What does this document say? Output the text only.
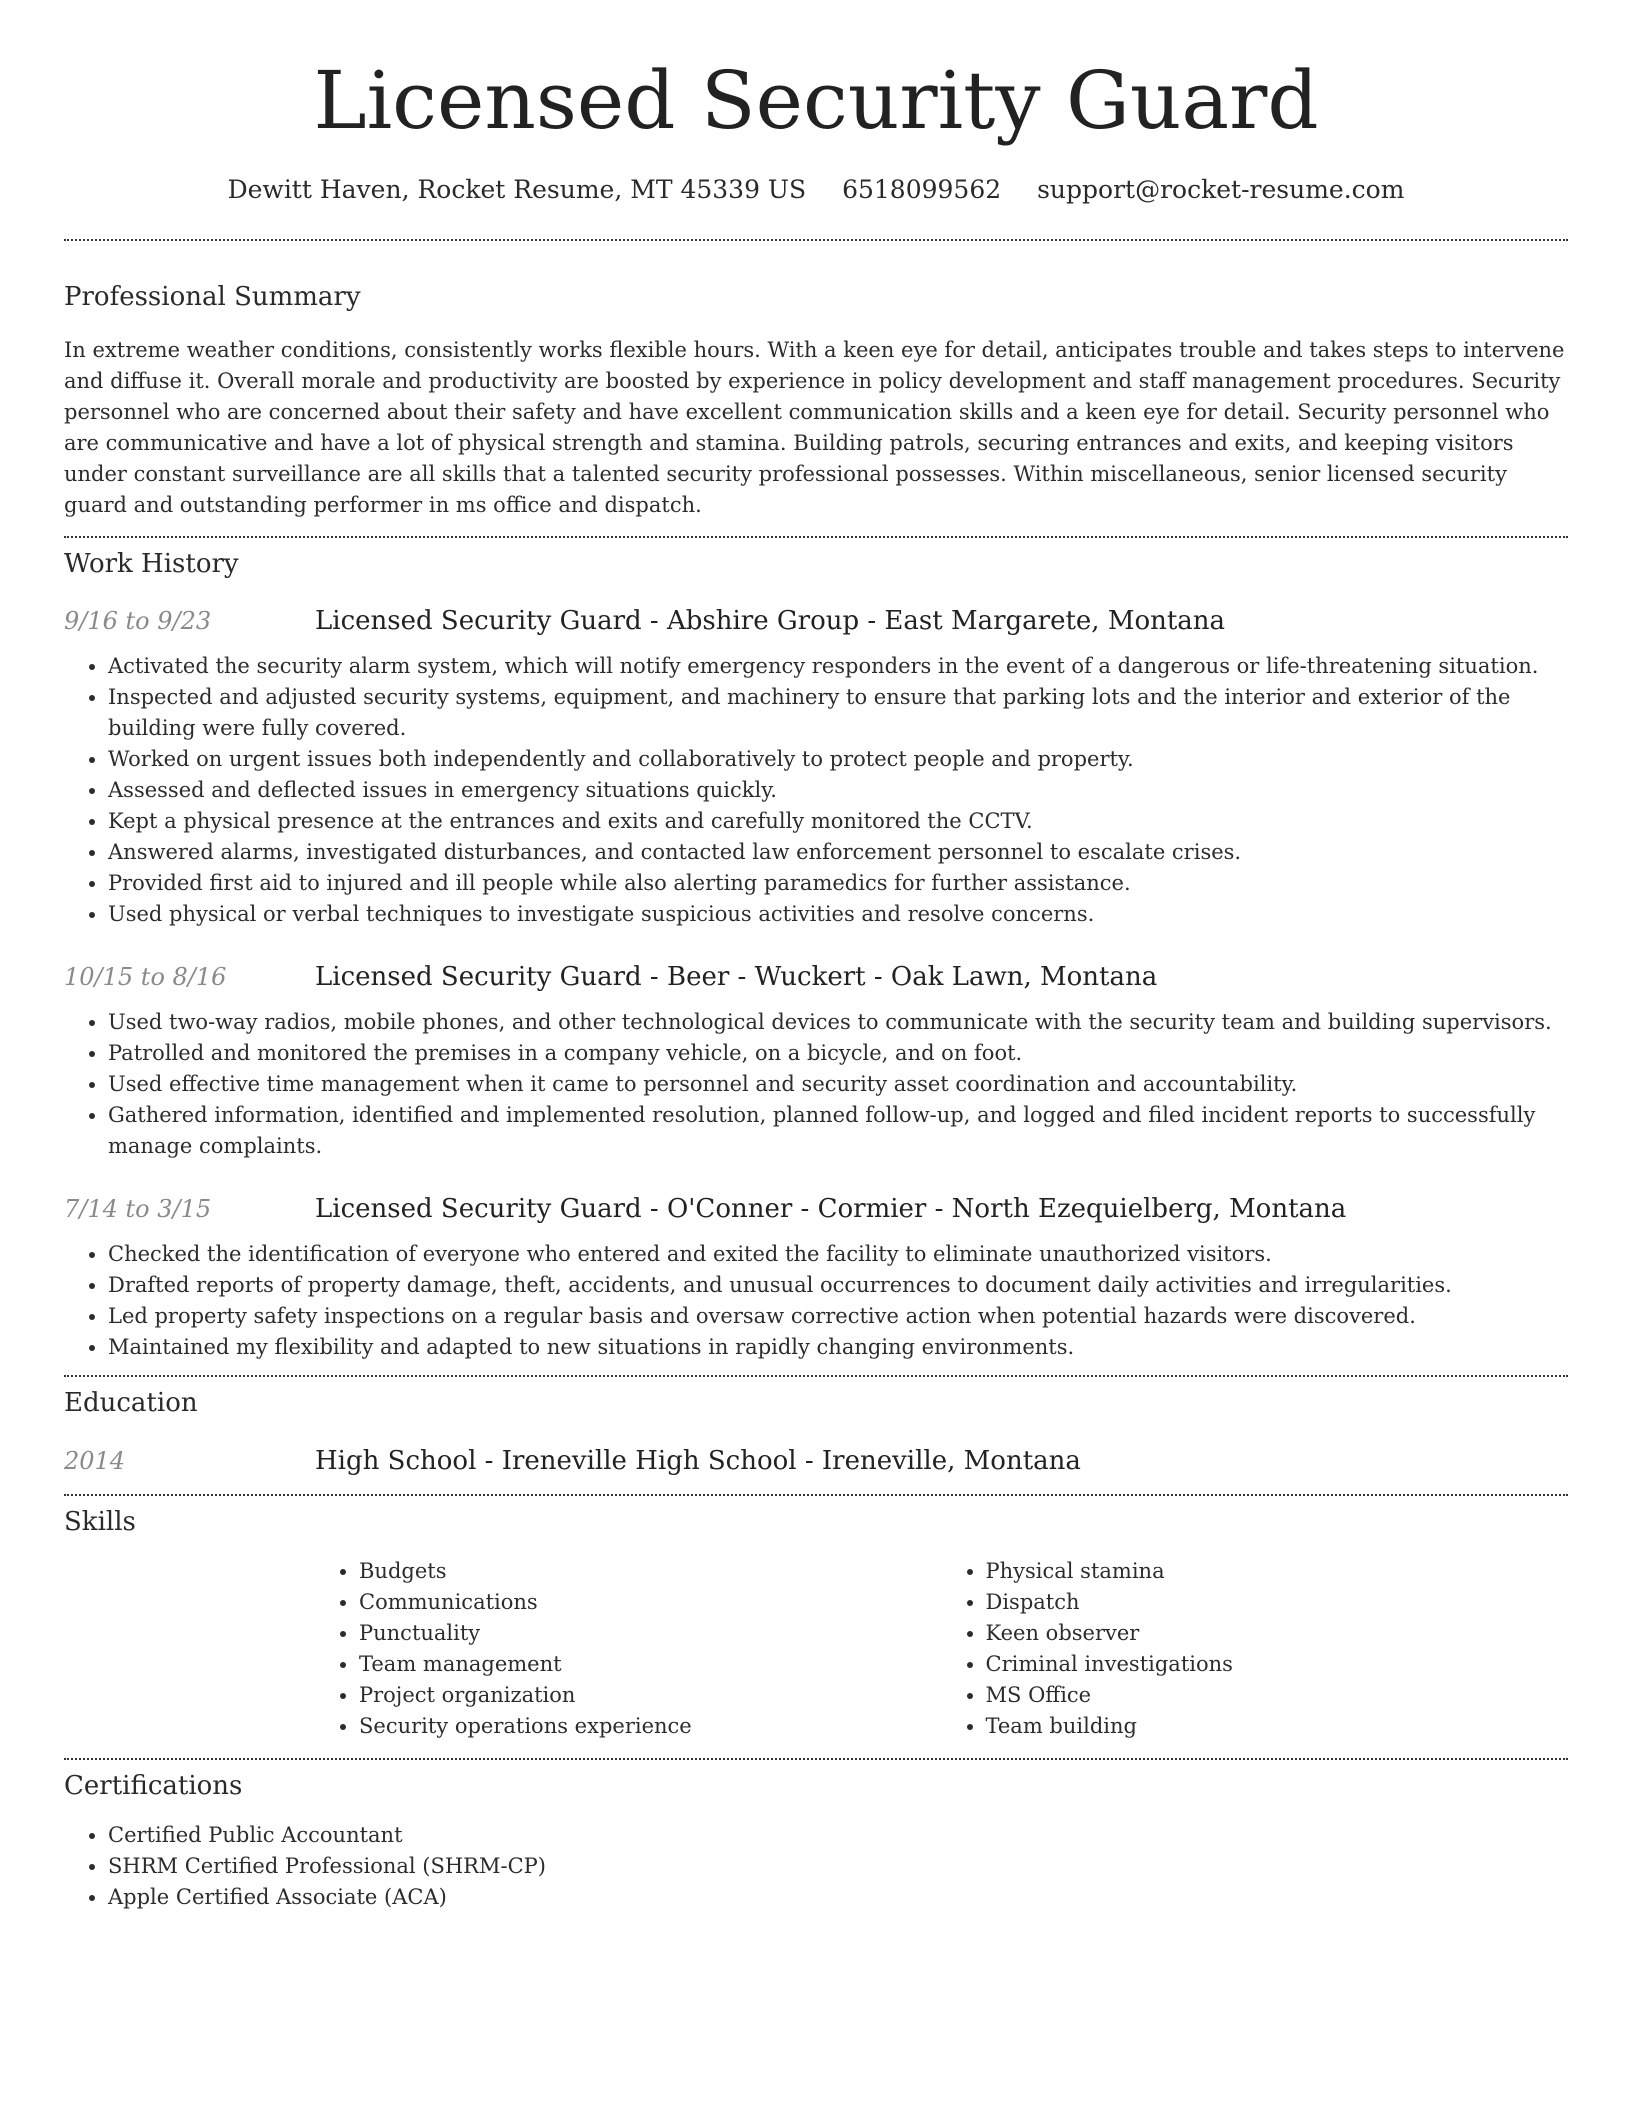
Licensed Security Guard
Dewitt Haven, Rocket Resume, MT 45339 US 6518099562 support@rocket-resume.com
Professional Summary

In extreme weather conditions, consistently works flexible hours. With a keen eye for detail, anticipates trouble and takes steps to intervene and diffuse it. Overall morale and productivity are boosted by experience in policy development and staff management procedures. Security personnel who are concerned about their safety and have excellent communication skills and a keen eye for detail. Security personnel who are communicative and have a lot of physical strength and stamina. Building patrols, securing entrances and exits, and keeping visitors under constant surveillance are all skills that a talented security professional possesses. Within miscellaneous, senior licensed security guard and outstanding performer in ms office and dispatch.

Work History
9/16 to 9/23	Licensed Security Guard - Abshire Group - East Margarete, Montana
• Activated the security alarm system, which will notify emergency responders in the event of a dangerous or life-threatening situation.
• Inspected and adjusted security systems, equipment, and machinery to ensure that parking lots and the interior and exterior of the building were fully covered.
• Worked on urgent issues both independently and collaboratively to protect people and property.
• Assessed and deflected issues in emergency situations quickly.
• Kept a physical presence at the entrances and exits and carefully monitored the CCTV.
• Answered alarms, investigated disturbances, and contacted law enforcement personnel to escalate crises.
• Provided first aid to injured and ill people while also alerting paramedics for further assistance.
• Used physical or verbal techniques to investigate suspicious activities and resolve concerns.
10/15 to 8/16	Licensed Security Guard - Beer - Wuckert - Oak Lawn, Montana
• Used two-way radios, mobile phones, and other technological devices to communicate with the security team and building supervisors.
• Patrolled and monitored the premises in a company vehicle, on a bicycle, and on foot.
• Used effective time management when it came to personnel and security asset coordination and accountability.
• Gathered information, identified and implemented resolution, planned follow-up, and logged and filed incident reports to successfully manage complaints.
7/14 to 3/15	Licensed Security Guard - O'Conner - Cormier - North Ezequielberg, Montana
• Checked the identification of everyone who entered and exited the facility to eliminate unauthorized visitors.
• Drafted reports of property damage, theft, accidents, and unusual occurrences to document daily activities and irregularities.
• Led property safety inspections on a regular basis and oversaw corrective action when potential hazards were discovered.
• Maintained my flexibility and adapted to new situations in rapidly changing environments.
Education
2014	High School - Ireneville High School - Ireneville, Montana
Skills
• Budgets
• Communications
• Punctuality
• Team management
• Project organization
• Security operations experience
• Physical stamina
• Dispatch
• Keen observer
• Criminal investigations
• MS Office
• Team building
Certifications
• Certified Public Accountant
• SHRM Certified Professional (SHRM-CP)
• Apple Certified Associate (ACA)
